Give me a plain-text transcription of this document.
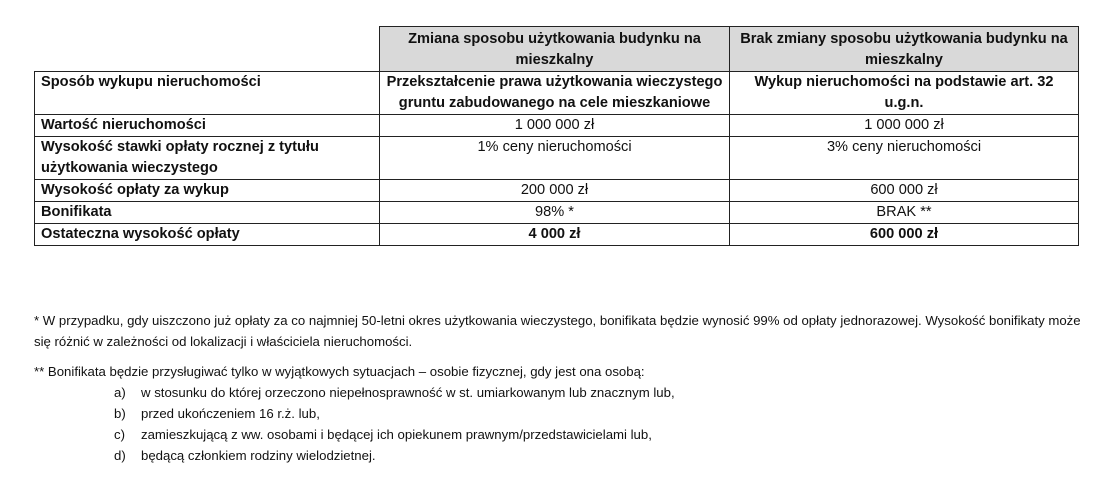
	Zmiana sposobu użytkowania budynku na mieszkalny	Brak zmiany sposobu użytkowania budynku na mieszkalny
Sposób wykupu nieruchomości	Przekształcenie prawa użytkowania wieczystego gruntu zabudowanego na cele mieszkaniowe	Wykup nieruchomości na podstawie art. 32 u.g.n.
Wartość nieruchomości	1 000 000 zł	1 000 000 zł
Wysokość stawki opłaty rocznej z tytułu użytkowania wieczystego	1% ceny nieruchomości	3% ceny nieruchomości
Wysokość opłaty za wykup	200 000 zł	600 000 zł
Bonifikata	98% *	BRAK **
Ostateczna wysokość opłaty	4 000 zł	600 000 zł

* W przypadku, gdy uiszczono już opłaty za co najmniej 50-letni okres użytkowania wieczystego, bonifikata będzie wynosić 99% od opłaty jednorazowej. Wysokość bonifikaty może się różnić w zależności od lokalizacji i właściciela nieruchomości.

** Bonifikata będzie przysługiwać tylko w wyjątkowych sytuacjach – osobie fizycznej, gdy jest ona osobą:

a) w stosunku do której orzeczono niepełnosprawność w st. umiarkowanym lub znacznym lub,
b) przed ukończeniem 16 r.ż. lub,
c) zamieszkującą z ww. osobami i będącej ich opiekunem prawnym/przedstawicielami lub,
d) będącą członkiem rodziny wielodzietnej.
